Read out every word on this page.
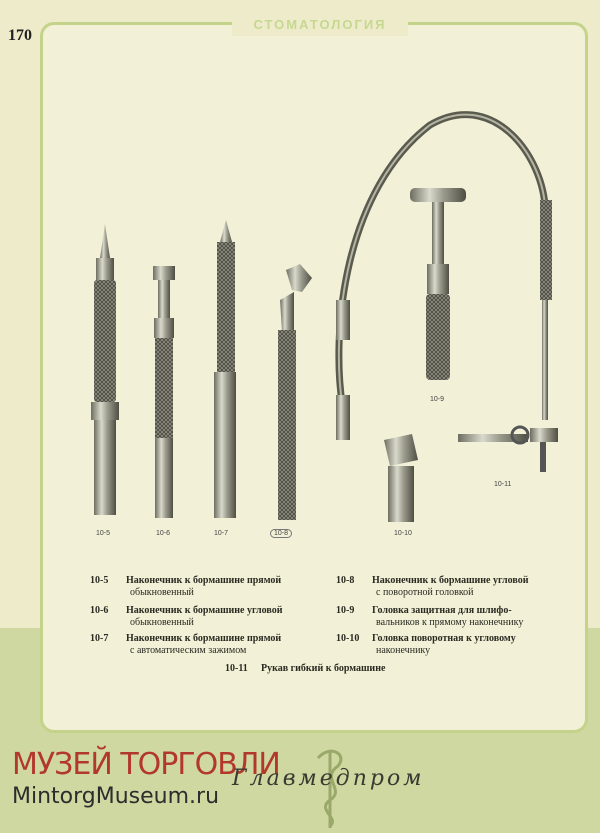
СТОМАТОЛОГИЯ
170
10-5	10-6	10-7	10-8
10-9
10-10
10-11
10-5 Наконечник к бормашине прямой
обыкновенный
10-6 Наконечник к бормашине угловой
обыкновенный
10-7 Наконечник к бормашине прямой
с автоматическим зажимом
10-8 Наконечник к бормашине угловой
с поворотной головкой
10-9 Головка защитная для шлифо-
вальников к прямому наконечнику
10-10 Головка поворотная к угловому
наконечнику
10-11 Рукав гибкий к бормашине
МУЗЕЙ ТОРГОВЛИ
MintorgMuseum.ru
Главмедпром
